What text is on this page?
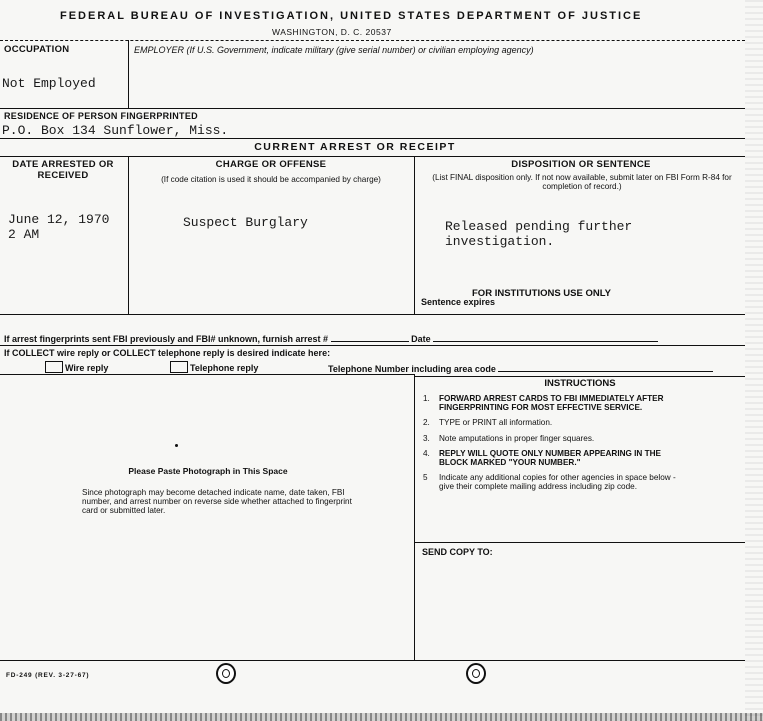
FEDERAL BUREAU OF INVESTIGATION, UNITED STATES DEPARTMENT OF JUSTICE
WASHINGTON, D. C. 20537
OCCUPATION
Not Employed
EMPLOYER (If U.S. Government, indicate military (give serial number) or civilian employing agency)
RESIDENCE OF PERSON FINGERPRINTED
P.O. Box 134 Sunflower, Miss.
CURRENT ARREST OR RECEIPT
DATE ARRESTED OR RECEIVED
CHARGE OR OFFENSE
(If code citation is used it should be accompanied by charge)
DISPOSITION OR SENTENCE
(List FINAL disposition only. If not now available, submit later on FBI Form R-84 for completion of record.)
June 12, 1970
2 AM
Suspect Burglary	Released pending further
investigation.
FOR INSTITUTIONS USE ONLY
Sentence expires
If arrest fingerprints sent FBI previously and FBI# unknown, furnish arrest #	Date
If COLLECT wire reply or COLLECT telephone reply is desired indicate here:
Wire reply	Telephone reply	Telephone Number including area code
Please Paste Photograph in This Space
Since photograph may become detached indicate name, date taken, FBI number, and arrest number on reverse side whether attached to fingerprint card or submitted later.
INSTRUCTIONS
1.	FORWARD ARREST CARDS TO FBI IMMEDIATELY AFTER FINGERPRINTING FOR MOST EFFECTIVE SERVICE.
2.	TYPE or PRINT all information.
3.	Note amputations in proper finger squares.
4.	REPLY WILL QUOTE ONLY NUMBER APPEARING IN THE BLOCK MARKED "YOUR NUMBER."
5	Indicate any additional copies for other agencies in space below - give their complete mailing address including zip code.
SEND COPY TO:
FD-249 (REV. 3-27-67)
